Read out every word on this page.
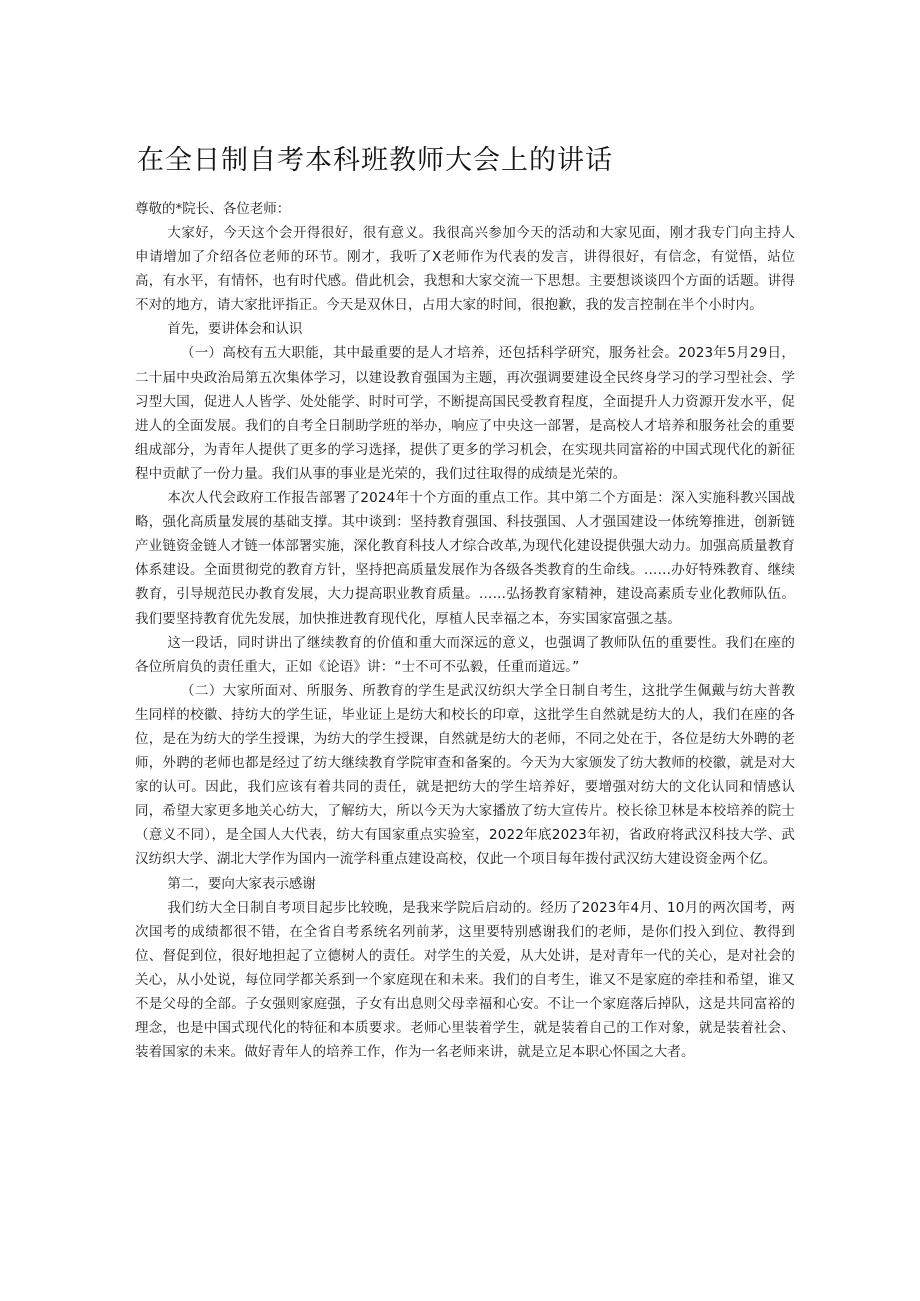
在全日制自考本科班教师大会上的讲话

尊敬的*院长、各位老师：

大家好，今天这个会开得很好，很有意义。我很高兴参加今天的活动和大家见面，刚才我专门向主持人申请增加了介绍各位老师的环节。刚才，我听了X老师作为代表的发言，讲得很好，有信念，有觉悟，站位高，有水平，有情怀，也有时代感。借此机会，我想和大家交流一下思想。主要想谈谈四个方面的话题。讲得不对的地方，请大家批评指正。今天是双休日，占用大家的时间，很抱歉，我的发言控制在半个小时内。

首先，要讲体会和认识

（一）高校有五大职能，其中最重要的是人才培养，还包括科学研究，服务社会。2023年5月29日，二十届中央政治局第五次集体学习，以建设教育强国为主题，再次强调要建设全民终身学习的学习型社会、学习型大国，促进人人皆学、处处能学、时时可学，不断提高国民受教育程度，全面提升人力资源开发水平，促进人的全面发展。我们的自考全日制助学班的举办，响应了中央这一部署，是高校人才培养和服务社会的重要组成部分，为青年人提供了更多的学习选择，提供了更多的学习机会，在实现共同富裕的中国式现代化的新征程中贡献了一份力量。我们从事的事业是光荣的，我们过往取得的成绩是光荣的。

本次人代会政府工作报告部署了2024年十个方面的重点工作。其中第二个方面是：深入实施科教兴国战略，强化高质量发展的基础支撑。其中谈到：坚持教育强国、科技强国、人才强国建设一体统筹推进，创新链产业链资金链人才链一体部署实施，深化教育科技人才综合改革,为现代化建设提供强大动力。加强高质量教育体系建设。全面贯彻党的教育方针，坚持把高质量发展作为各级各类教育的生命线。……办好特殊教育、继续教育，引导规范民办教育发展，大力提高职业教育质量。……弘扬教育家精神，建设高素质专业化教师队伍。我们要坚持教育优先发展，加快推进教育现代化，厚植人民幸福之本，夯实国家富强之基。

这一段话，同时讲出了继续教育的价值和重大而深远的意义，也强调了教师队伍的重要性。我们在座的各位所肩负的责任重大，正如《论语》讲：“士不可不弘毅，任重而道远。”

（二）大家所面对、所服务、所教育的学生是武汉纺织大学全日制自考生，这批学生佩戴与纺大普教生同样的校徽、持纺大的学生证，毕业证上是纺大和校长的印章，这批学生自然就是纺大的人，我们在座的各位，是在为纺大的学生授课，为纺大的学生授课，自然就是纺大的老师，不同之处在于，各位是纺大外聘的老师，外聘的老师也都是经过了纺大继续教育学院审查和备案的。今天为大家颁发了纺大教师的校徽，就是对大家的认可。因此，我们应该有着共同的责任，就是把纺大的学生培养好，要增强对纺大的文化认同和情感认同，希望大家更多地关心纺大，了解纺大，所以今天为大家播放了纺大宣传片。校长徐卫林是本校培养的院士（意义不同），是全国人大代表，纺大有国家重点实验室，2022年底2023年初，省政府将武汉科技大学、武汉纺织大学、湖北大学作为国内一流学科重点建设高校，仅此一个项目每年拨付武汉纺大建设资金两个亿。

第二，要向大家表示感谢

我们纺大全日制自考项目起步比较晚，是我来学院后启动的。经历了2023年4月、10月的两次国考，两次国考的成绩都很不错，在全省自考系统名列前茅，这里要特别感谢我们的老师，是你们投入到位、教得到位、督促到位，很好地担起了立德树人的责任。对学生的关爱，从大处讲，是对青年一代的关心，是对社会的关心，从小处说，每位同学都关系到一个家庭现在和未来。我们的自考生，谁又不是家庭的牵挂和希望，谁又不是父母的全部。子女强则家庭强，子女有出息则父母幸福和心安。不让一个家庭落后掉队，这是共同富裕的理念，也是中国式现代化的特征和本质要求。老师心里装着学生，就是装着自己的工作对象，就是装着社会、装着国家的未来。做好青年人的培养工作，作为一名老师来讲，就是立足本职心怀国之大者。
